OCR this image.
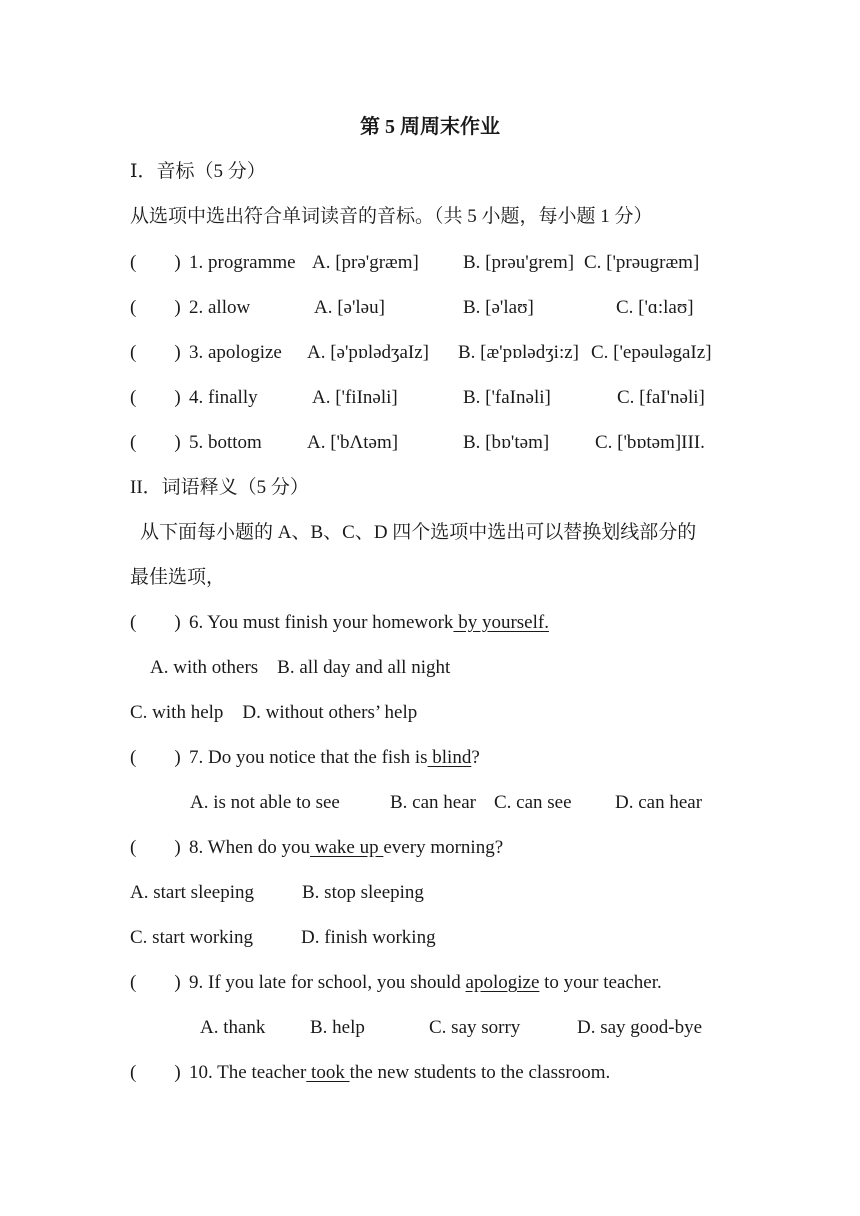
第 5 周周末作业
Ⅰ．音标（5 分）
从选项中选出符合单词读音的音标。（共 5 小题，每小题 1 分）
(        ) 1. programme A. [prə'græm] B. [prəu'grem] C. ['prəugræm]
(        ) 2. allow	A. [ə'ləu]	B. [ə'laʊ]	C. ['ɑ:laʊ]
(        ) 3. apologize A. [ə'pɒlədʒaIz] B. [æ'pɒlədʒi:z] C. ['epəuləgaIz]
(        ) 4. finally	A. ['fiInəli]	B. ['faInəli]	C. [faI'nəli]
(        ) 5. bottom A. ['bΛtəm]	B. [bɒ'təm] C. ['bɒtəm]III.
II．词语释义（5 分）
从下面每小题的 A、B、C、D 四个选项中选出可以替换划线部分的
最佳选项，
(        ) 6. You must finish your homework by yourself.
A. with others    B. all day and all night
C. with help    D. without others’ help
(        ) 7. Do you notice that the fish is blind?
A. is not able to see	B. can hear C. can see D. can hear
(        ) 8. When do you wake up every morning?
A. start sleeping	B. stop sleeping
C. start working	D. finish working
(        ) 9. If you late for school, you should apologize to your teacher.
A. thank B. help	C. say sorry	D. say good-bye
(        ) 10. The teacher took the new students to the classroom.
